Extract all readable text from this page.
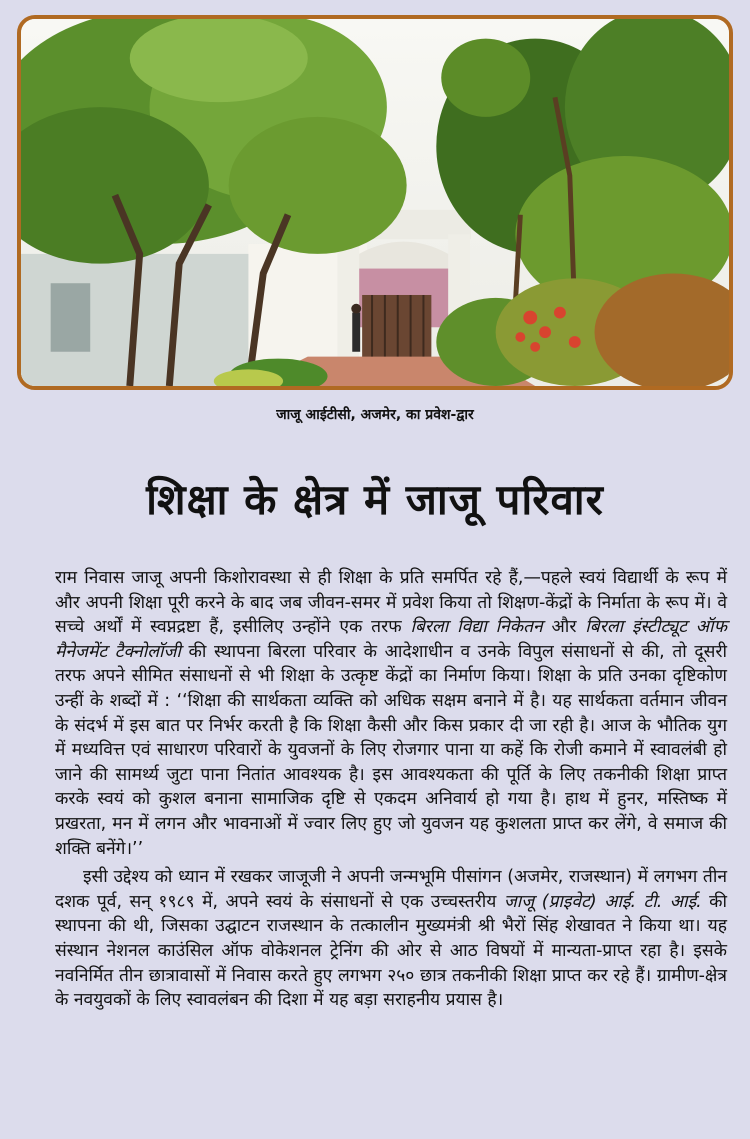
जाजू आईटीसी, अजमेर, का प्रवेश-द्वार
शिक्षा के क्षेत्र में जाजू परिवार

राम निवास जाजू अपनी किशोरावस्था से ही शिक्षा के प्रति समर्पित रहे हैं,—पहले स्वयं विद्यार्थी के रूप में और अपनी शिक्षा पूरी करने के बाद जब जीवन-समर में प्रवेश किया तो शिक्षण-केंद्रों के निर्माता के रूप में। वे सच्चे अर्थों में स्वप्नद्रष्टा हैं, इसीलिए उन्होंने एक तरफ बिरला विद्या निकेतन और बिरला इंस्टीट्यूट ऑफ मैनेजमेंट टैक्नोलॉजी की स्थापना बिरला परिवार के आदेशाधीन व उनके विपुल संसाधनों से की, तो दूसरी तरफ अपने सीमित संसाधनों से भी शिक्षा के उत्कृष्ट केंद्रों का निर्माण किया। शिक्षा के प्रति उनका दृष्टिकोण उन्हीं के शब्दों में : ‘‘शिक्षा की सार्थकता व्यक्ति को अधिक सक्षम बनाने में है। यह सार्थकता वर्तमान जीवन के संदर्भ में इस बात पर निर्भर करती है कि शिक्षा कैसी और किस प्रकार दी जा रही है। आज के भौतिक युग में मध्यवित्त एवं साधारण परिवारों के युवजनों के लिए रोजगार पाना या कहें कि रोजी कमाने में स्वावलंबी हो जाने की सामर्थ्य जुटा पाना नितांत आवश्यक है। इस आवश्यकता की पूर्ति के लिए तकनीकी शिक्षा प्राप्त करके स्वयं को कुशल बनाना सामाजिक दृष्टि से एकदम अनिवार्य हो गया है। हाथ में हुनर, मस्तिष्क में प्रखरता, मन में लगन और भावनाओं में ज्वार लिए हुए जो युवजन यह कुशलता प्राप्त कर लेंगे, वे समाज की शक्ति बनेंगे।’’

इसी उद्देश्य को ध्यान में रखकर जाजूजी ने अपनी जन्मभूमि पीसांगन (अजमेर, राजस्थान) में लगभग तीन दशक पूर्व, सन् १९८९ में, अपने स्वयं के संसाधनों से एक उच्चस्तरीय जाजू (प्राइवेट) आई. टी. आई. की स्थापना की थी, जिसका उद्घाटन राजस्थान के तत्कालीन मुख्यमंत्री श्री भैरों सिंह शेखावत ने किया था। यह संस्थान नेशनल काउंसिल ऑफ वोकेशनल ट्रेनिंग की ओर से आठ विषयों में मान्यता-प्राप्त रहा है। इसके नवनिर्मित तीन छात्रावासों में निवास करते हुए लगभग २५० छात्र तकनीकी शिक्षा प्राप्त कर रहे हैं। ग्रामीण-क्षेत्र के नवयुवकों के लिए स्वावलंबन की दिशा में यह बड़ा सराहनीय प्रयास है।
